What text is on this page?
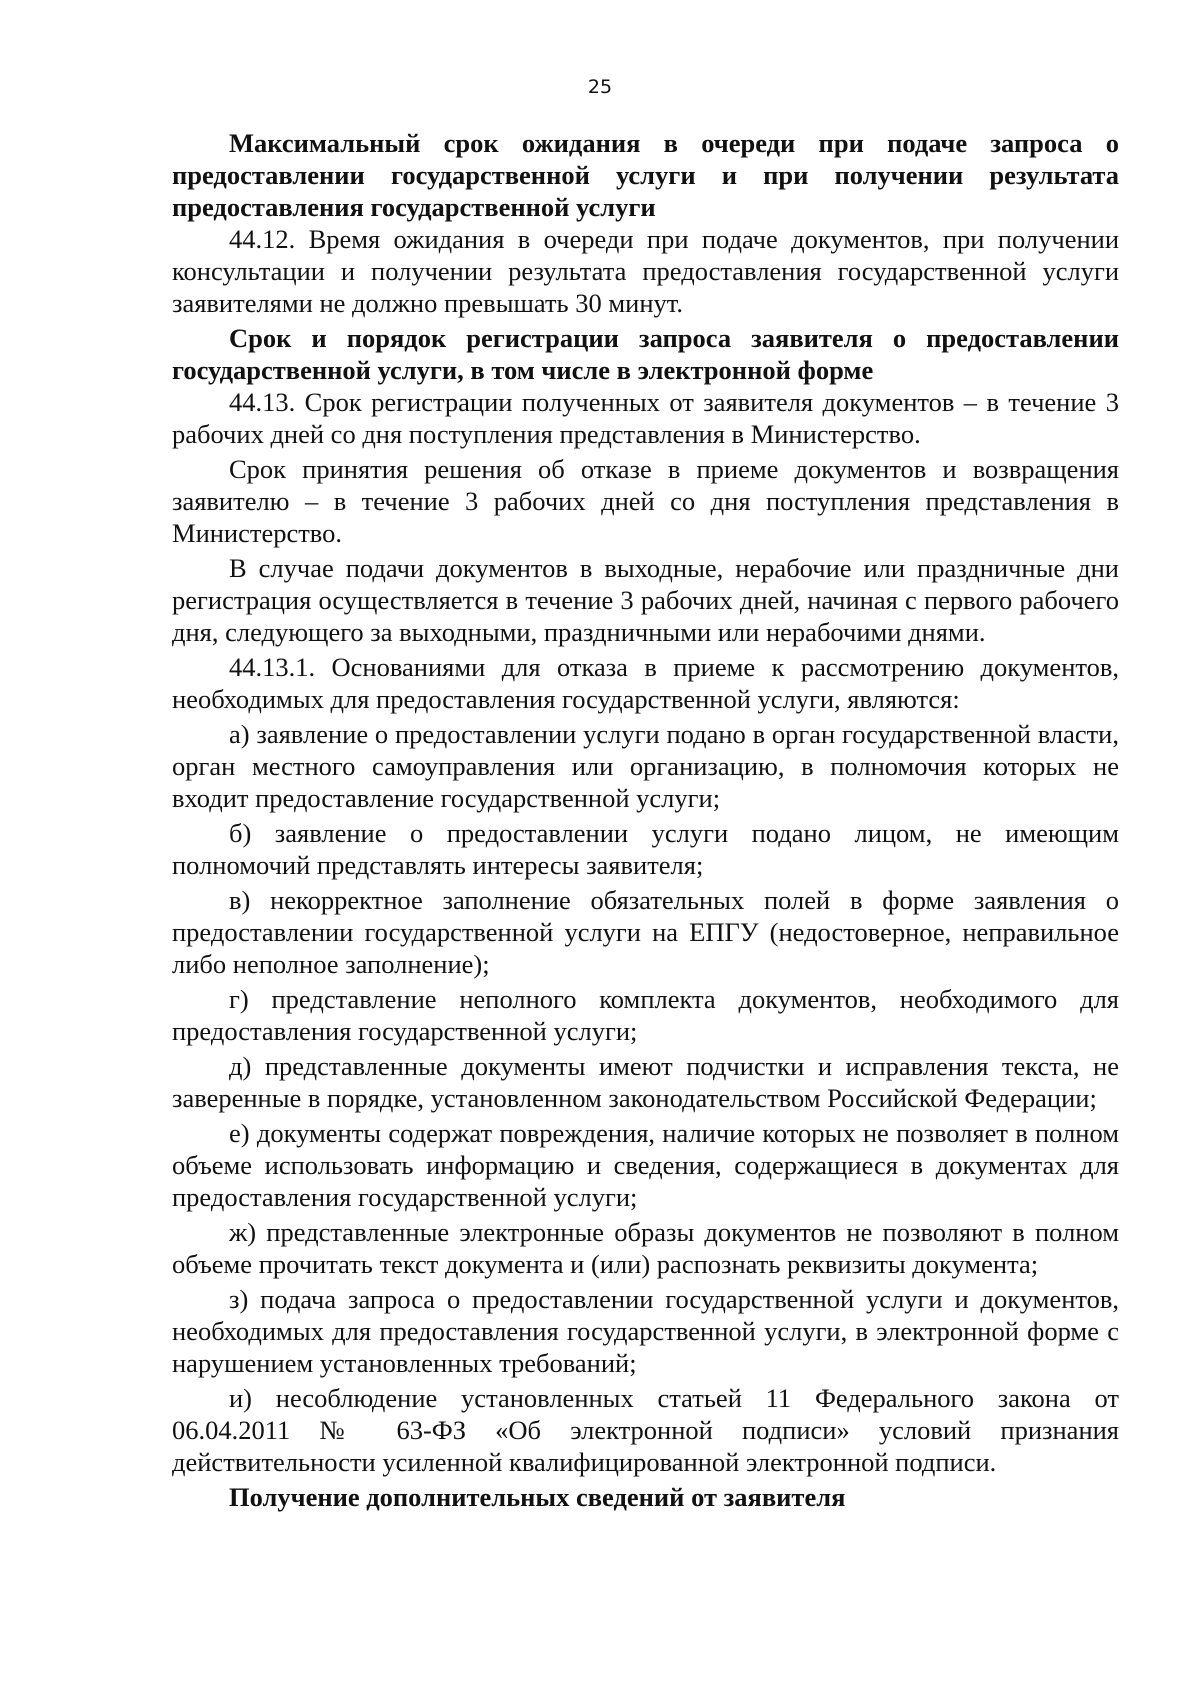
25

Максимальный срок ожидания в очереди при подаче запроса о предоставлении государственной услуги и при получении результата предоставления государственной услуги

44.12. Время ожидания в очереди при подаче документов, при получении консультации и получении результата предоставления государственной услуги заявителями не должно превышать 30 минут.

Срок и порядок регистрации запроса заявителя о предоставлении государственной услуги, в том числе в электронной форме

44.13. Срок регистрации полученных от заявителя документов – в течение 3 рабочих дней со дня поступления представления в Министерство.

Срок принятия решения об отказе в приеме документов и возвращения заявителю – в течение 3 рабочих дней со дня поступления представления в Министерство.

В случае подачи документов в выходные, нерабочие или праздничные дни регистрация осуществляется в течение 3 рабочих дней, начиная с первого рабочего дня, следующего за выходными, праздничными или нерабочими днями.

44.13.1. Основаниями для отказа в приеме к рассмотрению документов, необходимых для предоставления государственной услуги, являются:

а) заявление о предоставлении услуги подано в орган государственной власти, орган местного самоуправления или организацию, в полномочия которых не входит предоставление государственной услуги;

б) заявление о предоставлении услуги подано лицом, не имеющим полномочий представлять интересы заявителя;

в) некорректное заполнение обязательных полей в форме заявления о предоставлении государственной услуги на ЕПГУ (недостоверное, неправильное либо неполное заполнение);

г) представление неполного комплекта документов, необходимого для предоставления государственной услуги;

д) представленные документы имеют подчистки и исправления текста, не заверенные в порядке, установленном законодательством Российской Федерации;

е) документы содержат повреждения, наличие которых не позволяет в полном объеме использовать информацию и сведения, содержащиеся в документах для предоставления государственной услуги;

ж) представленные электронные образы документов не позволяют в полном объеме прочитать текст документа и (или) распознать реквизиты документа;

з) подача запроса о предоставлении государственной услуги и документов, необходимых для предоставления государственной услуги, в электронной форме с нарушением установленных требований;

и) несоблюдение установленных статьей 11 Федерального закона от 06.04.2011 № 63-ФЗ «Об электронной подписи» условий признания действительности усиленной квалифицированной электронной подписи.

Получение дополнительных сведений от заявителя
